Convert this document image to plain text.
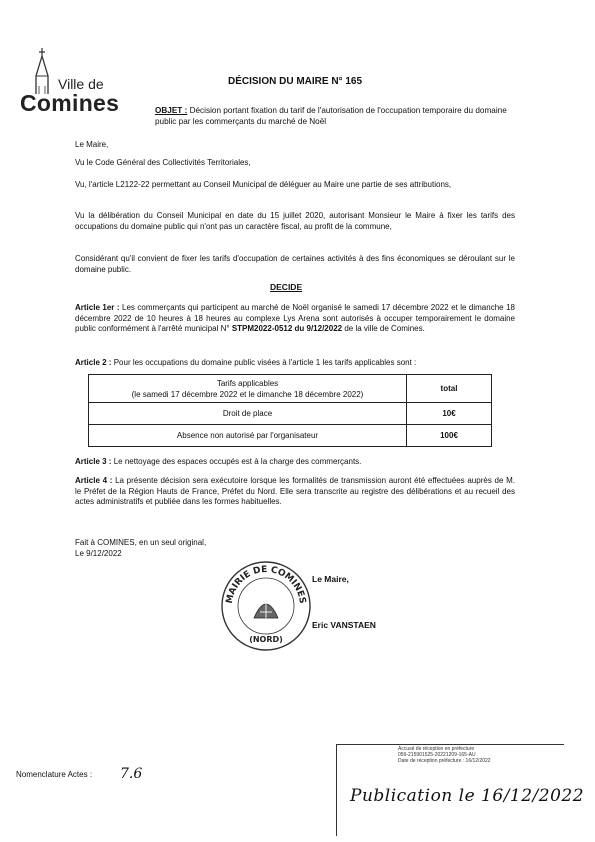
Ville de
Comines
DÉCISION DU MAIRE N° 165
OBJET : Décision portant fixation du tarif de l'autorisation de l'occupation temporaire du domaine public par les commerçants du marché de Noël
Le Maire,
Vu le Code Général des Collectivités Territoriales,
Vu, l'article L2122-22 permettant au Conseil Municipal de déléguer au Maire une partie de ses attributions,
Vu la délibération du Conseil Municipal en date du 15 juillet 2020, autorisant Monsieur le Maire à fixer les tarifs des occupations du domaine public qui n'ont pas un caractère fiscal, au profit de la commune,
Considérant qu'il convient de fixer les tarifs d'occupation de certaines activités à des fins économiques se déroulant sur le domaine public.
DECIDE
Article 1er : Les commerçants qui participent au marché de Noël organisé le samedi 17 décembre 2022 et le dimanche 18 décembre 2022 de 10 heures à 18 heures au complexe Lys Arena sont autorisés à occuper temporairement le domaine public conformément à l'arrêté municipal N° STPM2022-0512 du 9/12/2022 de la ville de Comines.
Article 2 : Pour les occupations du domaine public visées à l'article 1 les tarifs applicables sont :
Tarifs applicables
(le samedi 17 décembre 2022 et le dimanche 18 décembre 2022)	total
Droit de place	10€
Absence non autorisé par l'organisateur	100€
Article 3 : Le nettoyage des espaces occupés est à la charge des commerçants.
Article 4 : La présente décision sera exécutoire lorsque les formalités de transmission auront été effectuées auprès de M. le Préfet de la Région Hauts de France, Préfet du Nord. Elle sera transcrite au registre des délibérations et au recueil des actes administratifs et publiée dans les formes habituelles.
Fait à COMINES, en un seul original,
Le 9/12/2022
MAIRIE DE COMINES
(NORD)
Le Maire,
Eric VANSTAEN
Accusé de réception en préfecture
059-215901525-20221209-165-AU
Date de réception préfecture : 16/12/2022
Nomenclature Actes : 7.6
Publication le 16/12/2022
